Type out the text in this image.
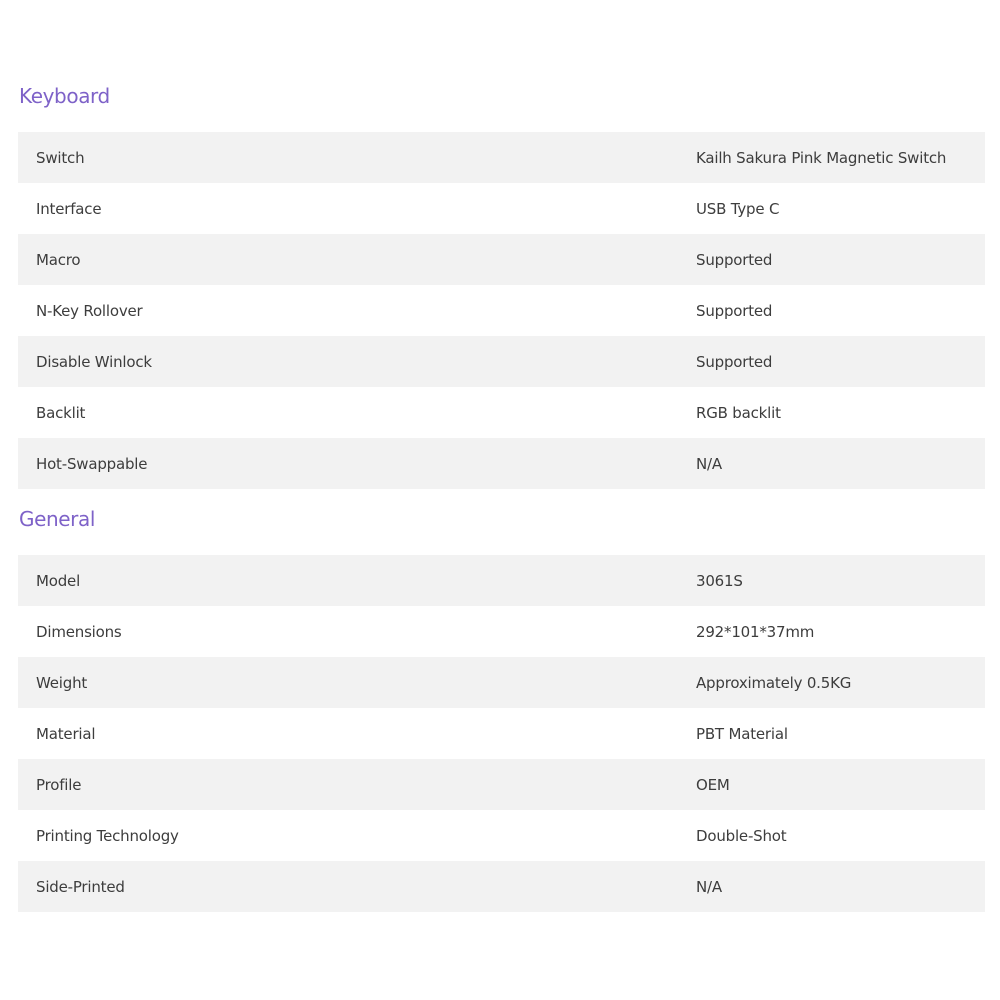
Keyboard
Switch	Kailh Sakura Pink Magnetic Switch
Interface	USB Type C
Macro	Supported
N-Key Rollover	Supported
Disable Winlock	Supported
Backlit	RGB backlit
Hot-Swappable	N/A
General
Model	3061S
Dimensions	292*101*37mm
Weight	Approximately 0.5KG
Material	PBT Material
Profile	OEM
Printing Technology	Double-Shot
Side-Printed	N/A
